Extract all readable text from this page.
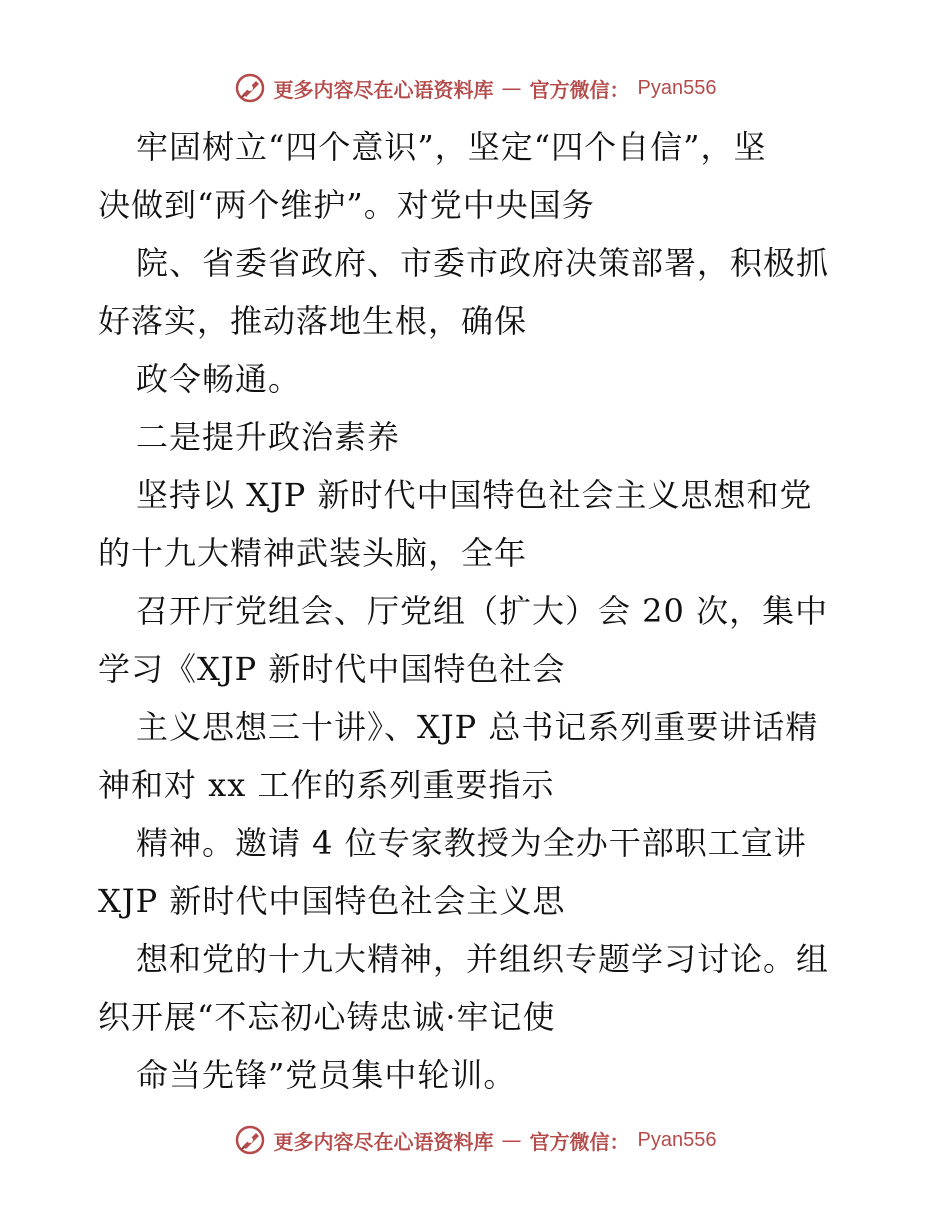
更多内容尽在心语资料库 — 官方微信： Pyan556
牢固树立“四个意识”，坚定“四个自信”，坚
决做到“两个维护”。对党中央国务
院、省委省政府、市委市政府决策部署，积极抓
好落实，推动落地生根，确保
政令畅通。
二是提升政治素养
坚持以 XJP 新时代中国特色社会主义思想和党
的十九大精神武装头脑，全年
召开厅党组会、厅党组（扩大）会 20 次，集中
学习《XJP 新时代中国特色社会
主义思想三十讲》、XJP 总书记系列重要讲话精
神和对 xx 工作的系列重要指示
精神。邀请 4 位专家教授为全办干部职工宣讲
XJP 新时代中国特色社会主义思
想和党的十九大精神，并组织专题学习讨论。组
织开展“不忘初心铸忠诚·牢记使
命当先锋”党员集中轮训。
更多内容尽在心语资料库 — 官方微信： Pyan556
